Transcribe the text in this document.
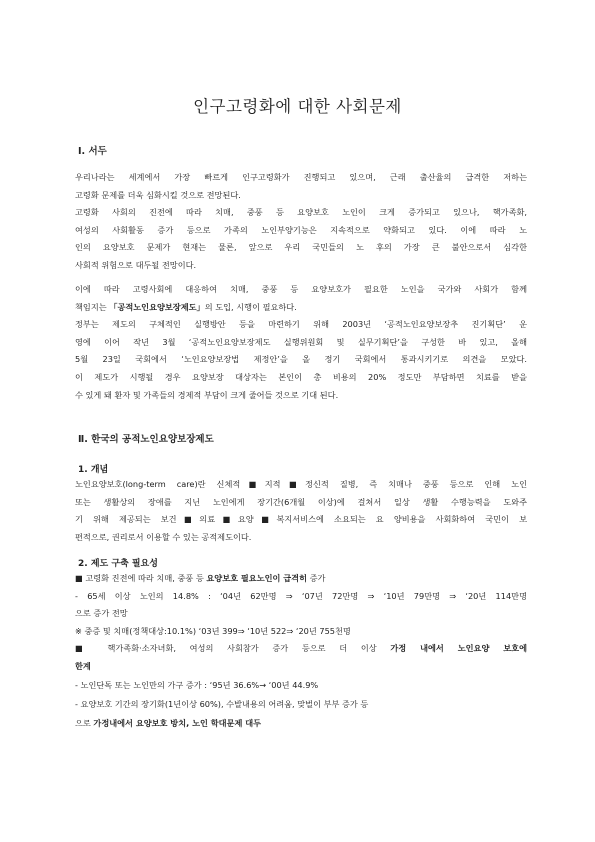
인구고령화에 대한 사회문제
Ⅰ. 서두
우리나라는 세계에서 가장 빠르게 인구고령화가 진행되고 있으며, 근래 출산율의 급격한 저하는
고령화 문제를 더욱 심화시킬 것으로 전망된다.
고령화 사회의 진전에 따라 치매, 중풍 등 요양보호 노인이 크게 증가되고 있으나, 핵가족화,
여성의 사회활동 증가 등으로 가족의 노인부양기능은 지속적으로 약화되고 있다. 이에 따라 노
인의 요양보호 문제가 현재는 물론, 앞으로 우리 국민들의 노 후의 가장 큰 불안으로서 심각한
사회적 위험으로 대두될 전망이다.
이에 따라 고령사회에 대응하여 치매, 중풍 등 요양보호가 필요한 노인을 국가와 사회가 함께
책임지는 「공적노인요양보장제도」의 도입, 시행이 필요하다.
정부는 제도의 구체적인 실행방안 등을 마련하기 위해 2003년 ‘공적노인요양보장추 진기획단’ 운
영에 이어 작년 3월 ‘공적노인요양보장제도 실행위원회 및 실무기획단’을 구성한 바 있고, 올해
5월 23일 국회에서 ‘노인요양보장법 제정안’을 올 정기 국회에서 통과시키기로 의견을 모았다.
이 제도가 시행될 경우 요양보장 대상자는 본인이 총 비용의 20% 정도만 부담하면 치료를 받을
수 있게 돼 환자 및 가족들의 경제적 부담이 크게 줄어들 것으로 기대 된다.
Ⅱ. 한국의 공적노인요양보장제도
1. 개념
노인요양보호(long-term care)란 신체적■지적■정신적 질병, 즉 치매나 중풍 등으로 인해 노인
또는 생활상의 장애를 지닌 노인에게 장기간(6개월 이상)에 걸쳐서 일상 생활 수행능력을 도와주
기 위해 제공되는 보건■의료■요양■복지서비스에 소요되는 요 양비용을 사회화하여 국민이 보
편적으로, 권리로서 이용할 수 있는 공적제도이다.
2. 제도 구축 필요성
■ 고령화 진전에 따라 치매, 중풍 등 요양보호 필요노인이 급격히 증가
- 65세 이상 노인의 14.8% : ‘04년 62만명 ⇒ ‘07년 72만명 ⇒ ‘10년 79만명 ⇒ ‘20년 114만명
으로 증가 전망
※ 중증 및 치매(정책대상:10.1%) ‘03년 399⇒ ‘10년 522⇒ ‘20년 755천명
■ 핵가족화·소자녀화, 여성의 사회참가 증가 등으로 더 이상 가정 내에서 노인요양 보호에
한계
- 노인단독 또는 노인만의 가구 증가 : ‘95년 36.6%→ ‘00년 44.9%
- 요양보호 기간의 장기화(1년이상 60%), 수발내용의 어려움, 맞벌이 부부 증가 등
으로 가정내에서 요양보호 방치, 노인 학대문제 대두
